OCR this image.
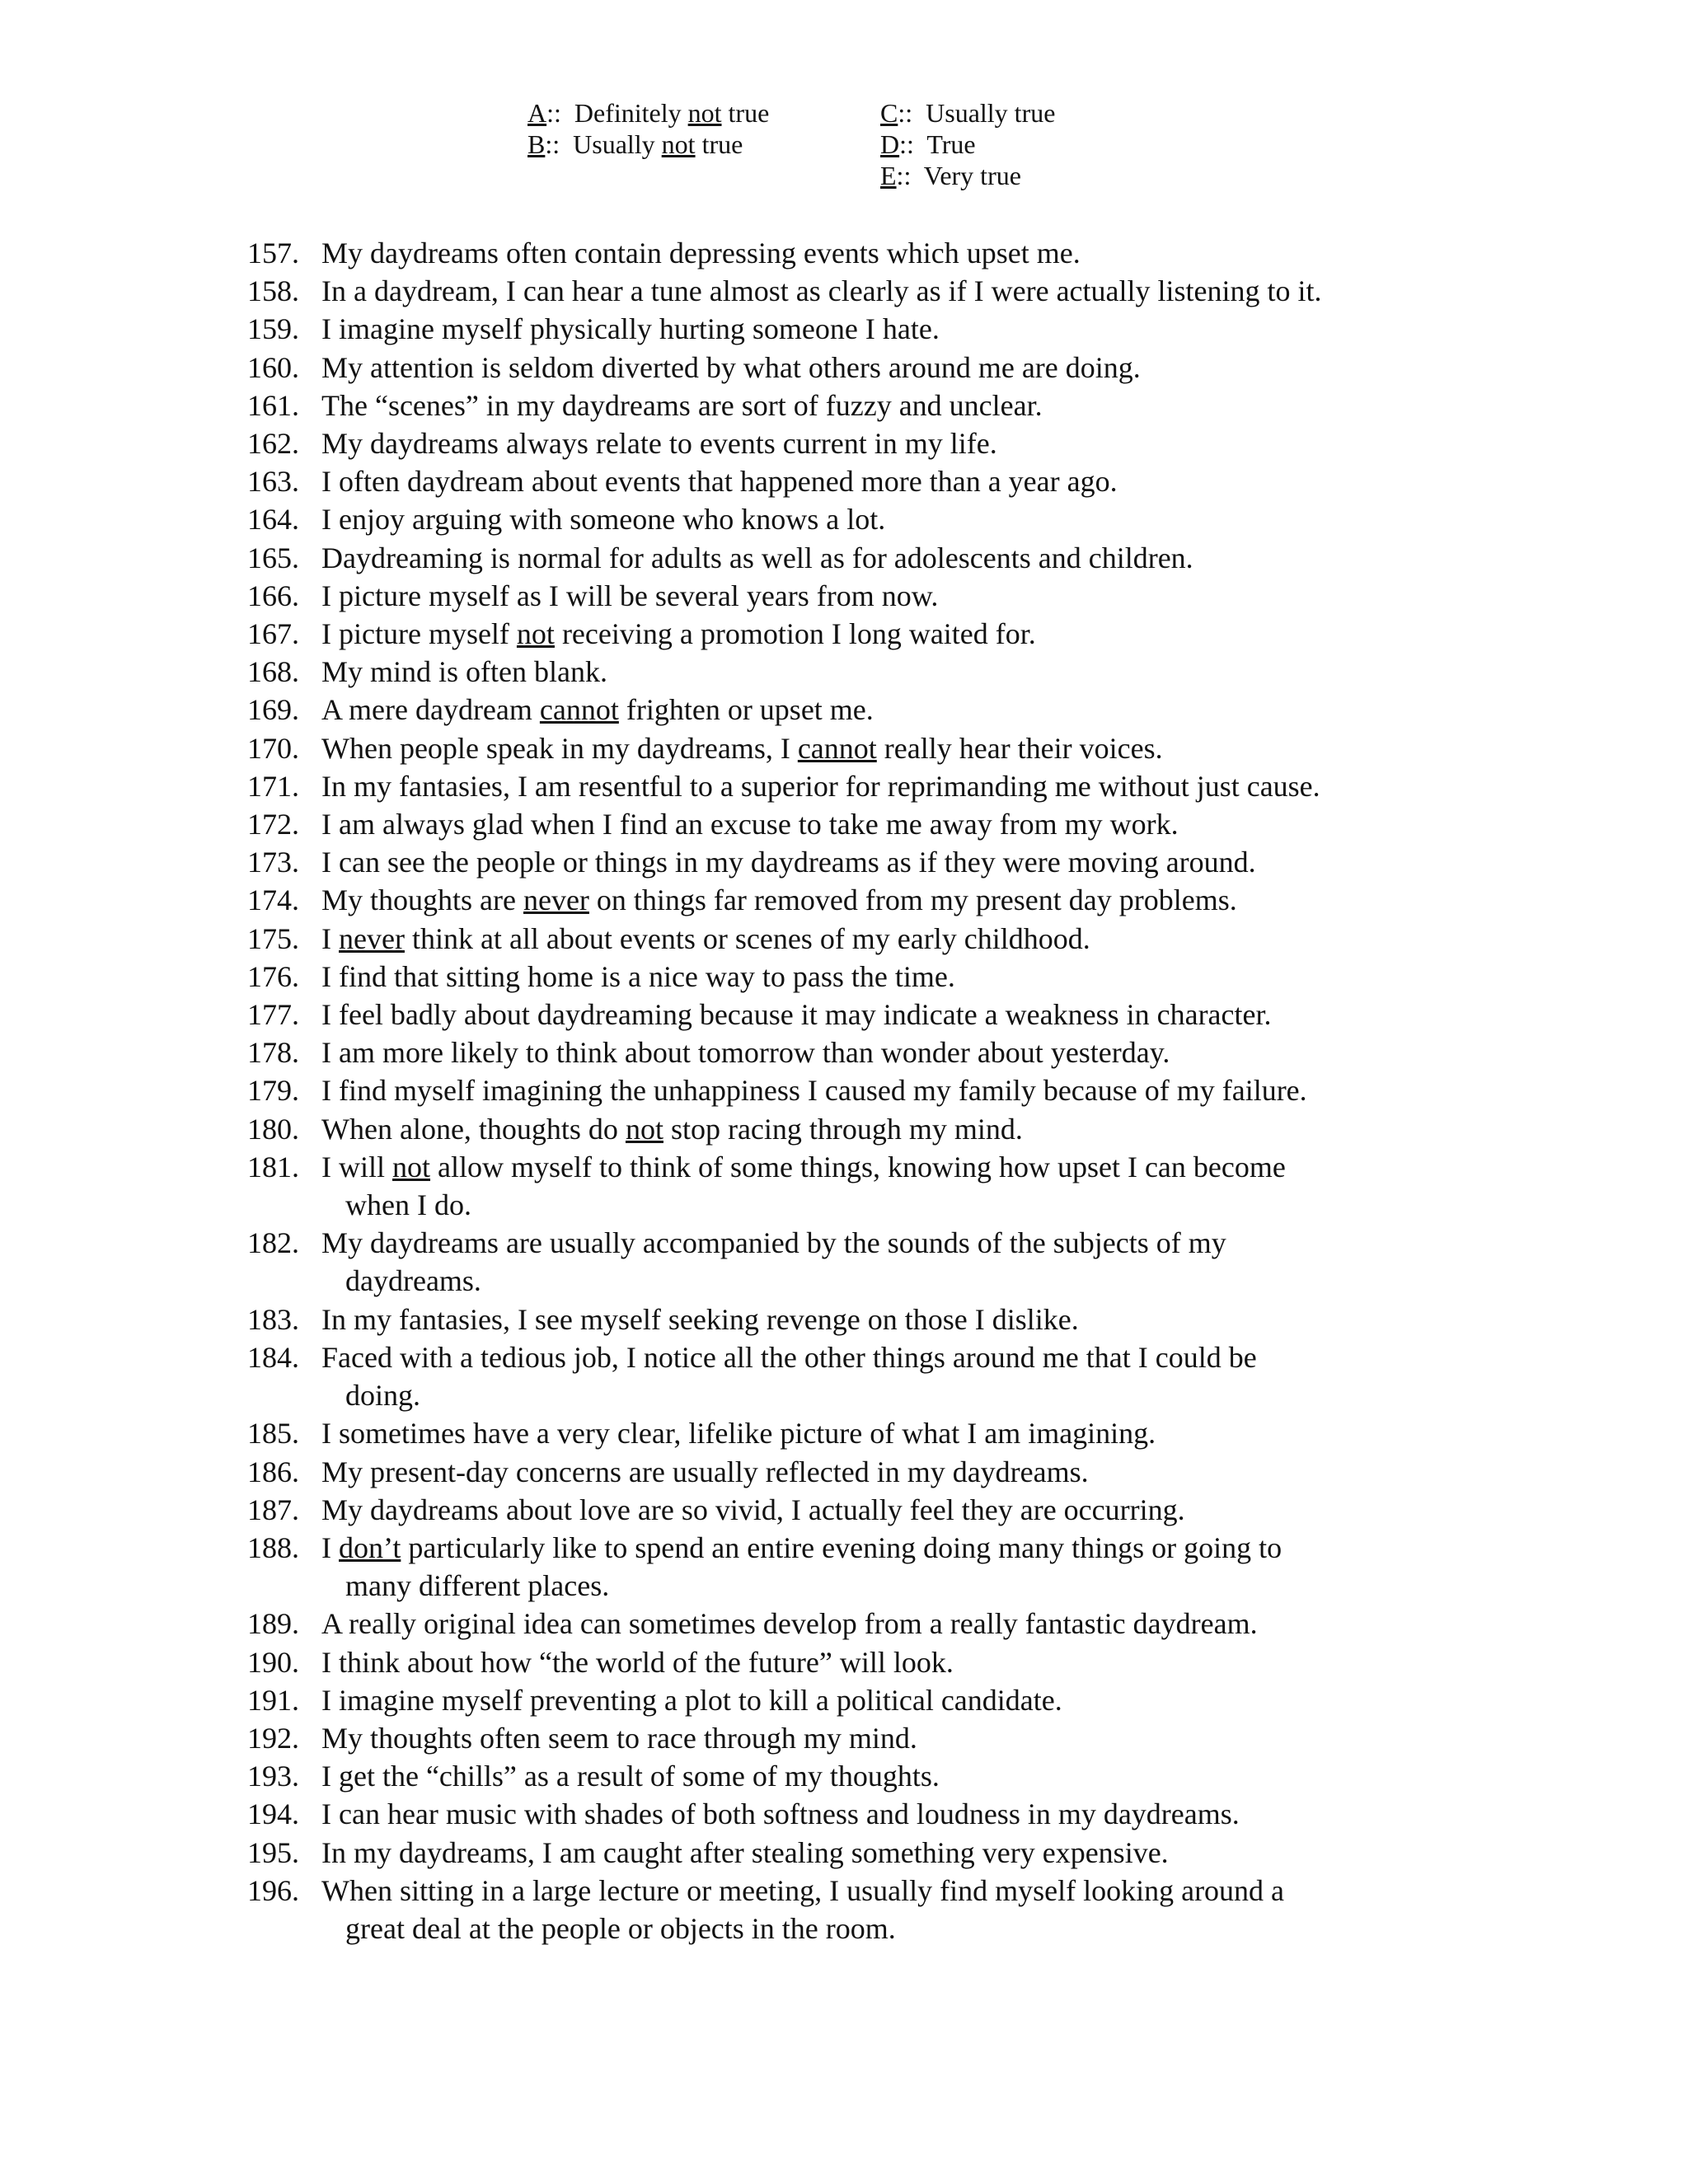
A::  Definitely not true
B::  Usually not true
C::  Usually true
D::  True
E::  Very true
157. My daydreams often contain depressing events which upset me.
158. In a daydream, I can hear a tune almost as clearly as if I were actually listening to it.
159. I imagine myself physically hurting someone I hate.
160. My attention is seldom diverted by what others around me are doing.
161. The “scenes” in my daydreams are sort of fuzzy and unclear.
162. My daydreams always relate to events current in my life.
163. I often daydream about events that happened more than a year ago.
164. I enjoy arguing with someone who knows a lot.
165. Daydreaming is normal for adults as well as for adolescents and children.
166. I picture myself as I will be several years from now.
167. I picture myself not receiving a promotion I long waited for.
168. My mind is often blank.
169. A mere daydream cannot frighten or upset me.
170. When people speak in my daydreams, I cannot really hear their voices.
171. In my fantasies, I am resentful to a superior for reprimanding me without just cause.
172. I am always glad when I find an excuse to take me away from my work.
173. I can see the people or things in my daydreams as if they were moving around.
174. My thoughts are never on things far removed from my present day problems.
175. I never think at all about events or scenes of my early childhood.
176. I find that sitting home is a nice way to pass the time.
177. I feel badly about daydreaming because it may indicate a weakness in character.
178. I am more likely to think about tomorrow than wonder about yesterday.
179. I find myself imagining the unhappiness I caused my family because of my failure.
180. When alone, thoughts do not stop racing through my mind.
181. I will not allow myself to think of some things, knowing how upset I can become
when I do.
182. My daydreams are usually accompanied by the sounds of the subjects of my
daydreams.
183. In my fantasies, I see myself seeking revenge on those I dislike.
184. Faced with a tedious job, I notice all the other things around me that I could be
doing.
185. I sometimes have a very clear, lifelike picture of what I am imagining.
186. My present-day concerns are usually reflected in my daydreams.
187. My daydreams about love are so vivid, I actually feel they are occurring.
188. I don’t particularly like to spend an entire evening doing many things or going to
many different places.
189. A really original idea can sometimes develop from a really fantastic daydream.
190. I think about how “the world of the future” will look.
191. I imagine myself preventing a plot to kill a political candidate.
192. My thoughts often seem to race through my mind.
193. I get the “chills” as a result of some of my thoughts.
194. I can hear music with shades of both softness and loudness in my daydreams.
195. In my daydreams, I am caught after stealing something very expensive.
196. When sitting in a large lecture or meeting, I usually find myself looking around a
great deal at the people or objects in the room.
